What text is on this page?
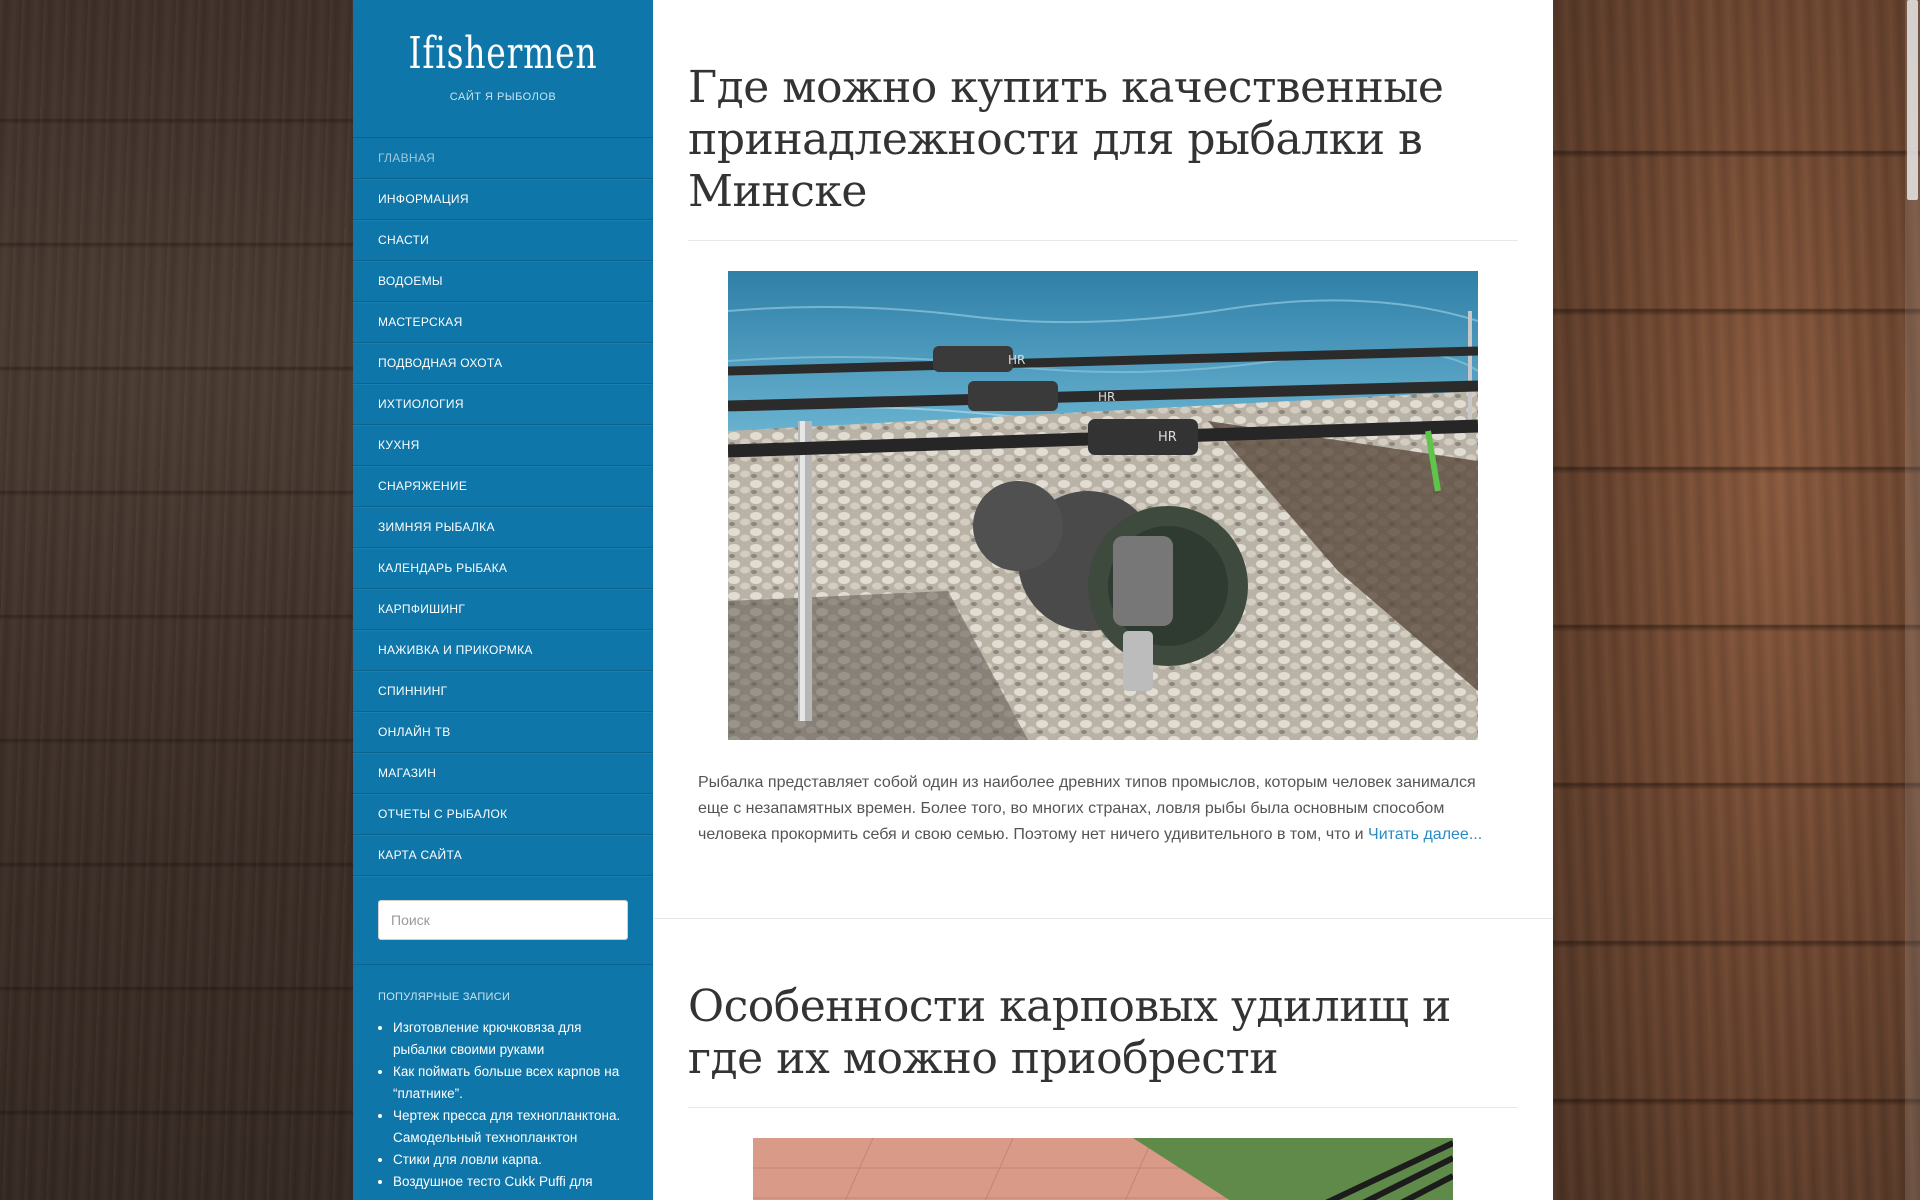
Ifishermen
САЙТ Я РЫБОЛОВ
ГЛАВНАЯ
ИНФОРМАЦИЯ
СНАСТИ
ВОДОЕМЫ
МАСТЕРСКАЯ
ПОДВОДНАЯ ОХОТА
ИХТИОЛОГИЯ
КУХНЯ
СНАРЯЖЕНИЕ
ЗИМНЯЯ РЫБАЛКА
КАЛЕНДАРЬ РЫБАКА
КАРПФИШИНГ
НАЖИВКА И ПРИКОРМКА
СПИННИНГ
ОНЛАЙН ТВ
МАГАЗИН
ОТЧЕТЫ С РЫБАЛОК
КАРТА САЙТА
Поиск
ПОПУЛЯРНЫЕ ЗАПИСИ
• Изготовление крючковяза для рыбалки своими руками
• Как поймать больше всех карпов на “платнике”.
• Чертеж пресса для технопланктона. Самодельный технопланктон
• Стики для ловли карпа.
• Воздушное тесто Cukk Puffi для
Где можно купить качественные принадлежности для рыбалки в Минске
HR
HR
HR

Рыбалка представляет собой один из наиболее древних типов промыслов, которым человек занимался еще с незапамятных времен. Более того, во многих странах, ловля рыбы была основным способом человека прокормить себя и свою семью. Поэтому нет ничего удивительного в том, что и Читать далее...

Особенности карповых удилищ и где их можно приобрести
